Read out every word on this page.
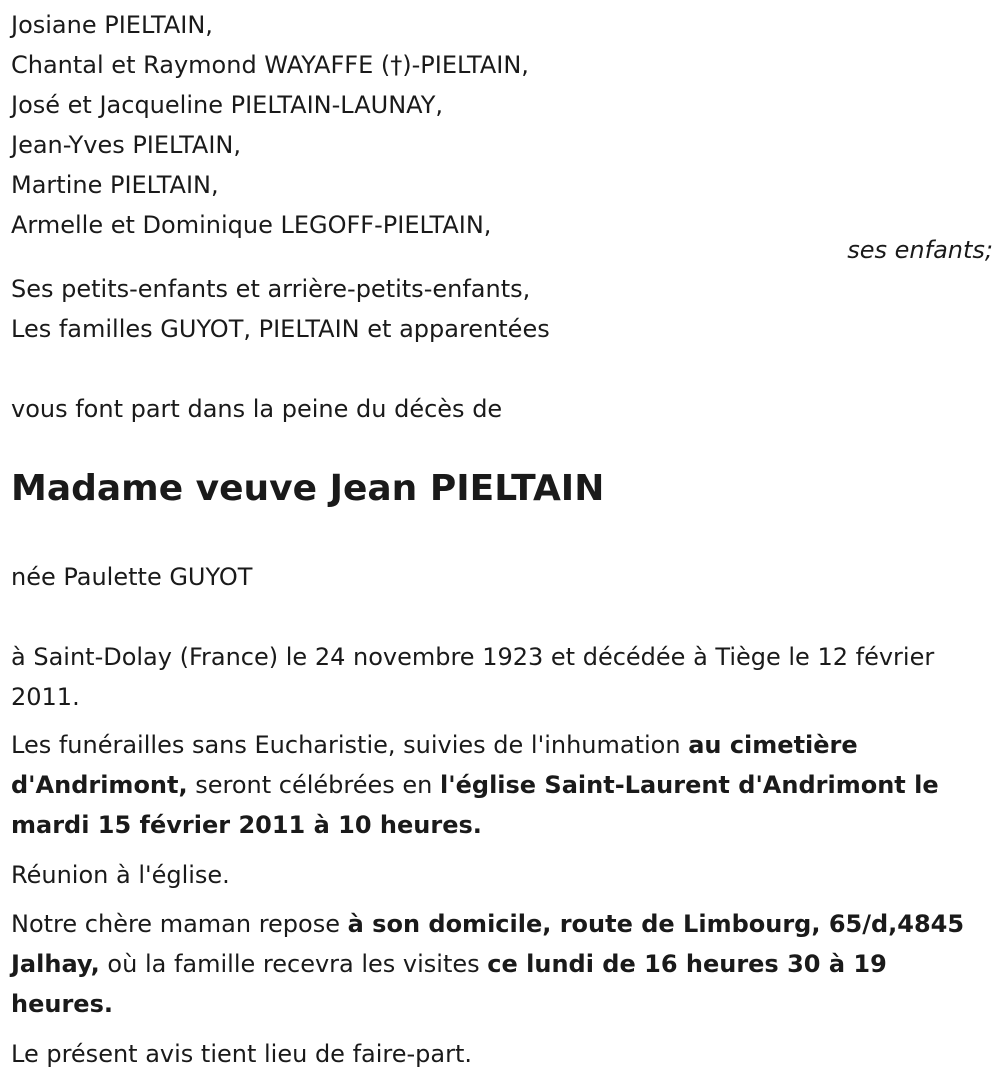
Josiane PIELTAIN,
Chantal et Raymond WAYAFFE (†)-PIELTAIN,
José et Jacqueline PIELTAIN-LAUNAY,
Jean-Yves PIELTAIN,
Martine PIELTAIN,
Armelle et Dominique LEGOFF-PIELTAIN,
ses enfants;
Ses petits-enfants et arrière-petits-enfants,
Les familles GUYOT, PIELTAIN et apparentées
vous font part dans la peine du décès de
Madame veuve Jean PIELTAIN
née Paulette GUYOT
à Saint-Dolay (France) le 24 novembre 1923 et décédée à Tiège le 12 février 2011.
Les funérailles sans Eucharistie, suivies de l'inhumation au cimetière d'Andrimont, seront célébrées en l'église Saint-Laurent d'Andrimont le mardi 15 février 2011 à 10 heures.
Réunion à l'église.
Notre chère maman repose à son domicile, route de Limbourg, 65/d,4845 Jalhay, où la famille recevra les visites ce lundi de 16 heures 30 à 19 heures.
Le présent avis tient lieu de faire-part.
